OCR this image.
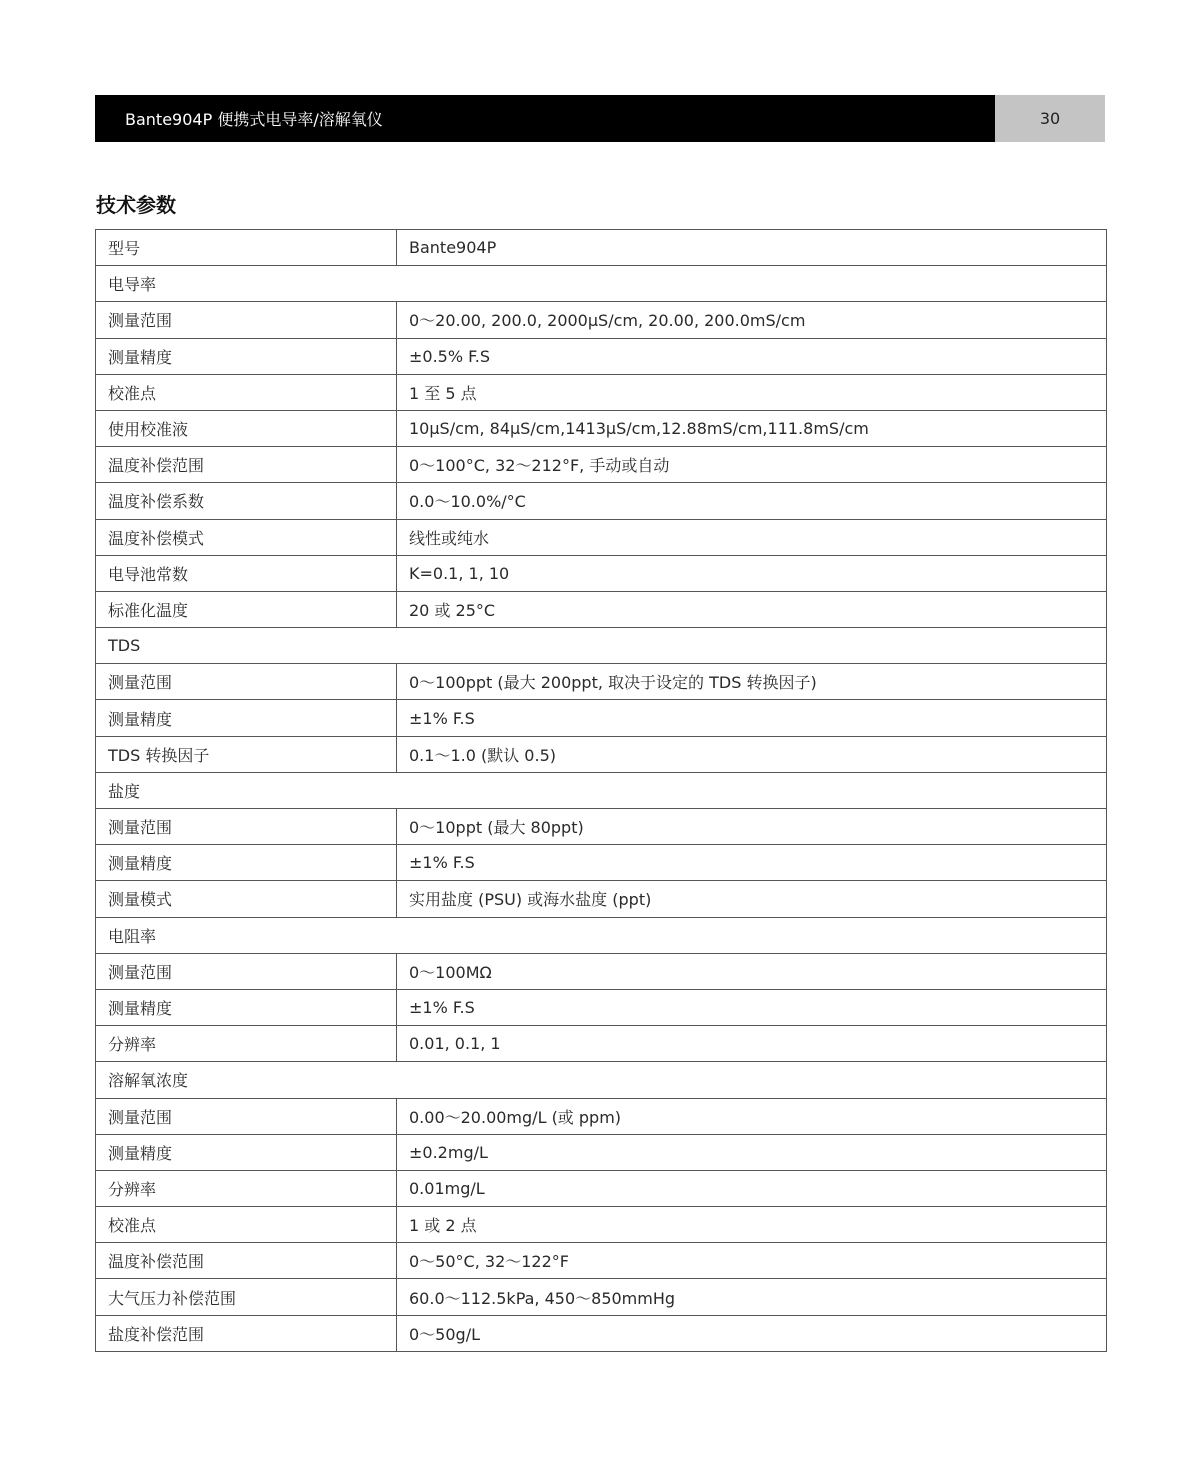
Bante904P 便携式电导率/溶解氧仪	30
技术参数
型号	Bante904P
电导率	
测量范围	0～20.00, 200.0, 2000μS/cm, 20.00, 200.0mS/cm
测量精度	±0.5% F.S
校准点	1 至 5 点
使用校准液	10μS/cm, 84μS/cm,1413μS/cm,12.88mS/cm,111.8mS/cm
温度补偿范围	0～100°C, 32～212°F, 手动或自动
温度补偿系数	0.0～10.0%/°C
温度补偿模式	线性或纯水
电导池常数	K=0.1, 1, 10
标准化温度	20 或 25°C
TDS	
测量范围	0～100ppt (最大 200ppt, 取决于设定的 TDS 转换因子)
测量精度	±1% F.S
TDS 转换因子	0.1～1.0 (默认 0.5)
盐度	
测量范围	0～10ppt (最大 80ppt)
测量精度	±1% F.S
测量模式	实用盐度 (PSU) 或海水盐度 (ppt)
电阻率	
测量范围	0～100MΩ
测量精度	±1% F.S
分辨率	0.01, 0.1, 1
溶解氧浓度	
测量范围	0.00～20.00mg/L (或 ppm)
测量精度	±0.2mg/L
分辨率	0.01mg/L
校准点	1 或 2 点
温度补偿范围	0～50°C, 32～122°F
大气压力补偿范围	60.0～112.5kPa, 450～850mmHg
盐度补偿范围	0～50g/L
